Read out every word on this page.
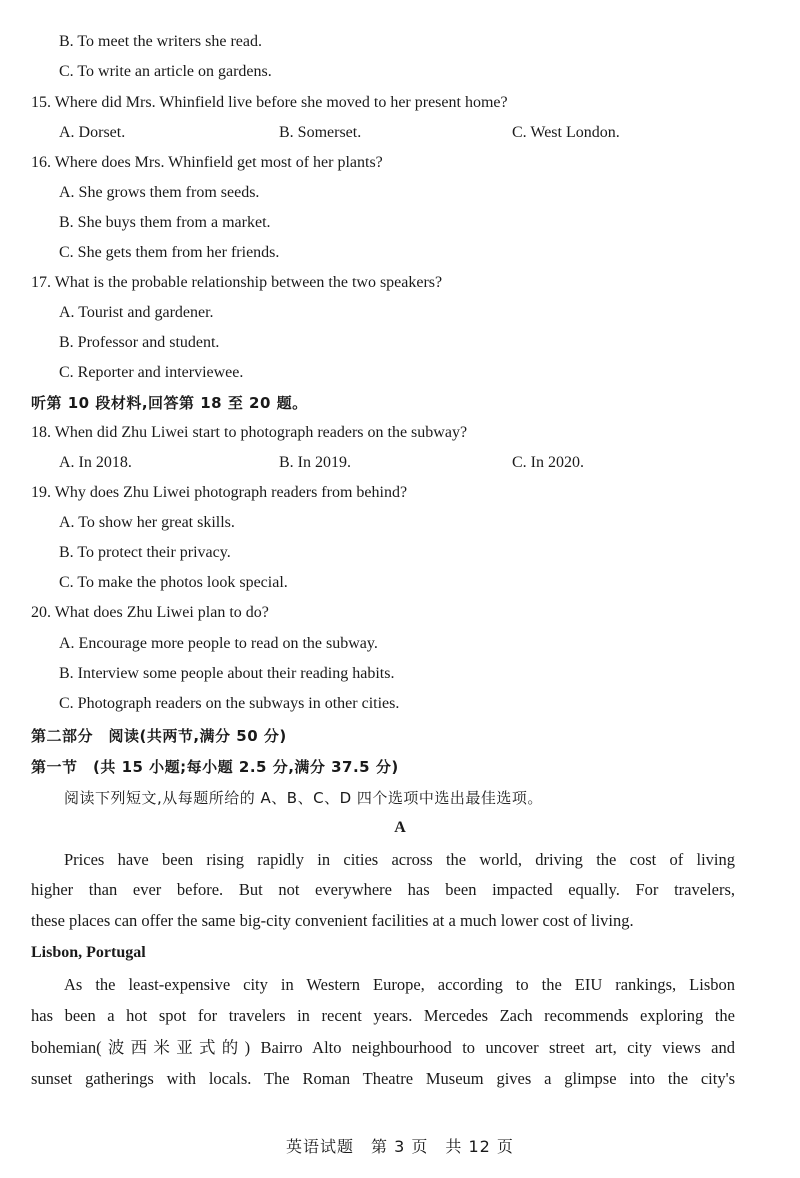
B. To meet the writers she read.
C. To write an article on gardens.
15. Where did Mrs. Whinfield live before she moved to her present home?
A. Dorset.	B. Somerset.	C. West London.
16. Where does Mrs. Whinfield get most of her plants?
A. She grows them from seeds.
B. She buys them from a market.
C. She gets them from her friends.
17. What is the probable relationship between the two speakers?
A. Tourist and gardener.
B. Professor and student.
C. Reporter and interviewee.
听第 10 段材料,回答第 18 至 20 题。
18. When did Zhu Liwei start to photograph readers on the subway?
A. In 2018.	B. In 2019.	C. In 2020.
19. Why does Zhu Liwei photograph readers from behind?
A. To show her great skills.
B. To protect their privacy.
C. To make the photos look special.
20. What does Zhu Liwei plan to do?
A. Encourage more people to read on the subway.
B. Interview some people about their reading habits.
C. Photograph readers on the subways in other cities.
第二部分　阅读(共两节,满分 50 分)
第一节　(共 15 小题;每小题 2.5 分,满分 37.5 分)
阅读下列短文,从每题所给的 A、B、C、D 四个选项中选出最佳选项。
A
Prices have been rising rapidly in cities across the world, driving the cost of living
higher than ever before. But not everywhere has been impacted equally. For travelers,
these places can offer the same big-city convenient facilities at a much lower cost of living.
Lisbon, Portugal
As the least-expensive city in Western Europe, according to the EIU rankings, Lisbon
has been a hot spot for travelers in recent years. Mercedes Zach recommends exploring the
bohemian(波西米亚式的) Bairro Alto neighbourhood to uncover street art, city views and
sunset gatherings with locals. The Roman Theatre Museum gives a glimpse into the city's
英语试题　第 3 页　共 12 页
